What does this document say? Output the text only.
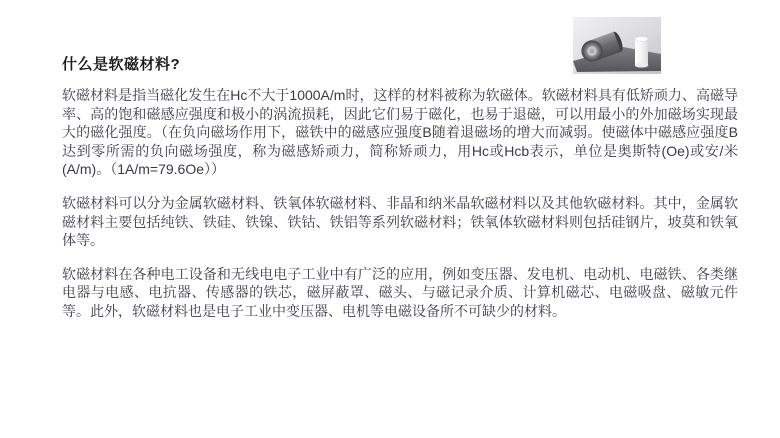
什么是软磁材料?

软磁材料是指当磁化发生在Hc不大于1000A/m时，这样的材料被称为软磁体。软磁材料具有低矫顽力、高磁导率、高的饱和磁感应强度和极小的涡流损耗，因此它们易于磁化，也易于退磁，可以用最小的外加磁场实现最大的磁化强度。（在负向磁场作用下，磁铁中的磁感应强度B随着退磁场的增大而减弱。使磁体中磁感应强度B达到零所需的负向磁场强度，称为磁感矫顽力，简称矫顽力，用Hc或Hcb表示，单位是奥斯特(Oe)或安/米(A/m)。（1A/m=79.6Oe））

软磁材料可以分为金属软磁材料、铁氧体软磁材料、非晶和纳米晶软磁材料以及其他软磁材料。其中，金属软磁材料主要包括纯铁、铁硅、铁镍、铁钴、铁铝等系列软磁材料；铁氧体软磁材料则包括硅钢片，坡莫和铁氧体等。

软磁材料在各种电工设备和无线电电子工业中有广泛的应用，例如变压器、发电机、电动机、电磁铁、各类继电器与电感、电抗器、传感器的铁芯，磁屏蔽罩、磁头、与磁记录介质、计算机磁芯、电磁吸盘、磁敏元件等。此外，软磁材料也是电子工业中变压器、电机等电磁设备所不可缺少的材料。
